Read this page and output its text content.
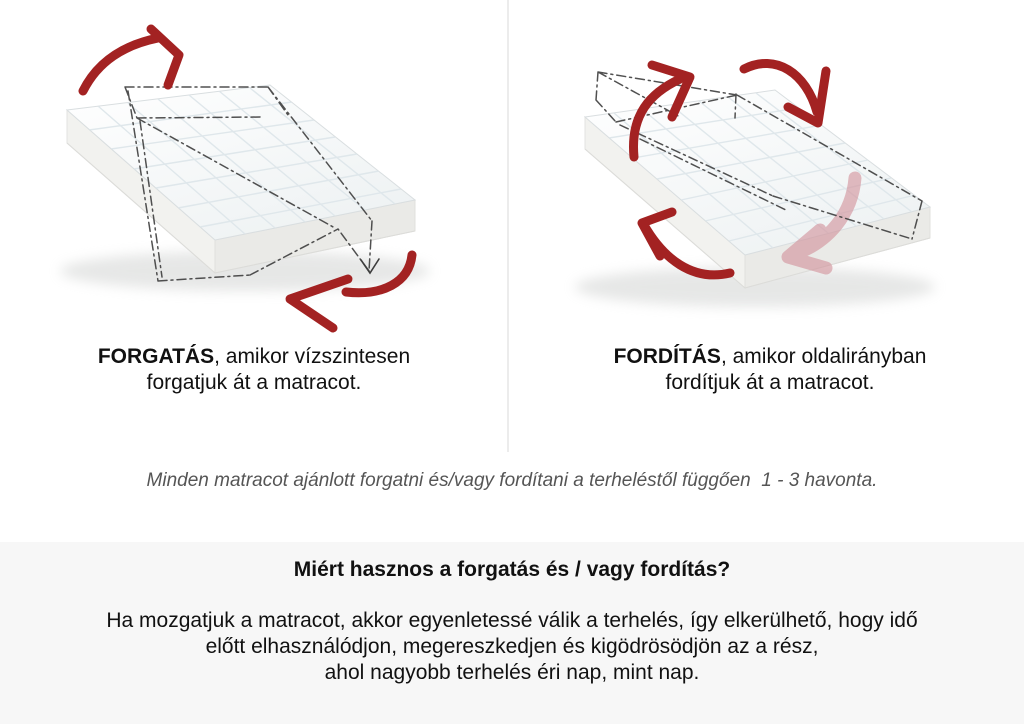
FORGATÁS, amikor vízszintesen
forgatjuk át a matracot.
FORDÍTÁS, amikor oldalirányban
fordítjuk át a matracot.

Minden matracot ajánlott forgatni és/vagy fordítani a terheléstől függően  1 - 3 havonta.

Miért hasznos a forgatás és / vagy fordítás?
Ha mozgatjuk a matracot, akkor egyenletessé válik a terhelés, így elkerülhető, hogy idő
előtt elhasználódjon, megereszkedjen és kigödrösödjön az a rész,
ahol nagyobb terhelés éri nap, mint nap.
